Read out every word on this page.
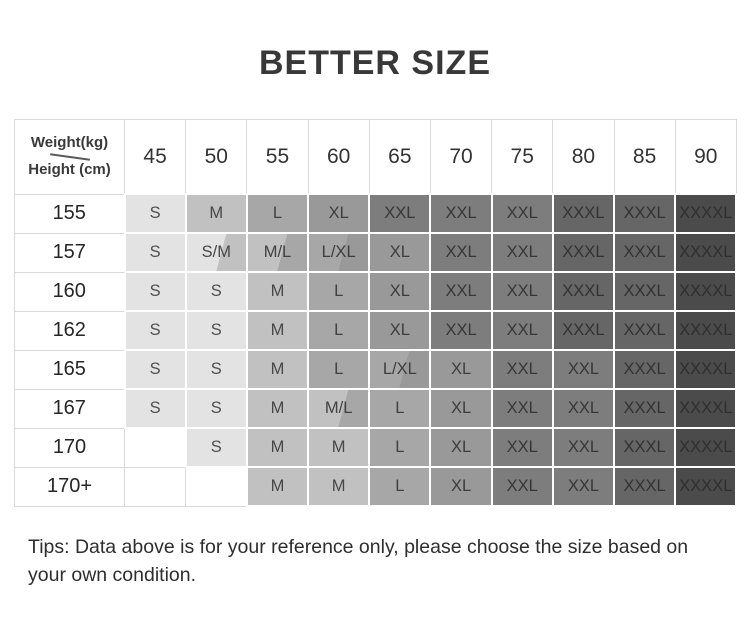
BETTER SIZE
Weight(kg)
Height (cm)	45	50	55	60	65	70	75	80	85	90
155	S	M	L	XL	XXL	XXL	XXL	XXXL	XXXL	XXXXL
157	S	S/M	M/L	L/XL	XL	XXL	XXL	XXXL	XXXL	XXXXL
160	S	S	M	L	XL	XXL	XXL	XXXL	XXXL	XXXXL
162	S	S	M	L	XL	XXL	XXL	XXXL	XXXL	XXXXL
165	S	S	M	L	L/XL	XL	XXL	XXL	XXXL	XXXXL
167	S	S	M	M/L	L	XL	XXL	XXL	XXXL	XXXXL
170		S	M	M	L	XL	XXL	XXL	XXXL	XXXXL
170+			M	M	L	XL	XXL	XXL	XXXL	XXXXL

Tips: Data above is for your reference only, please choose the size based on your own condition.
